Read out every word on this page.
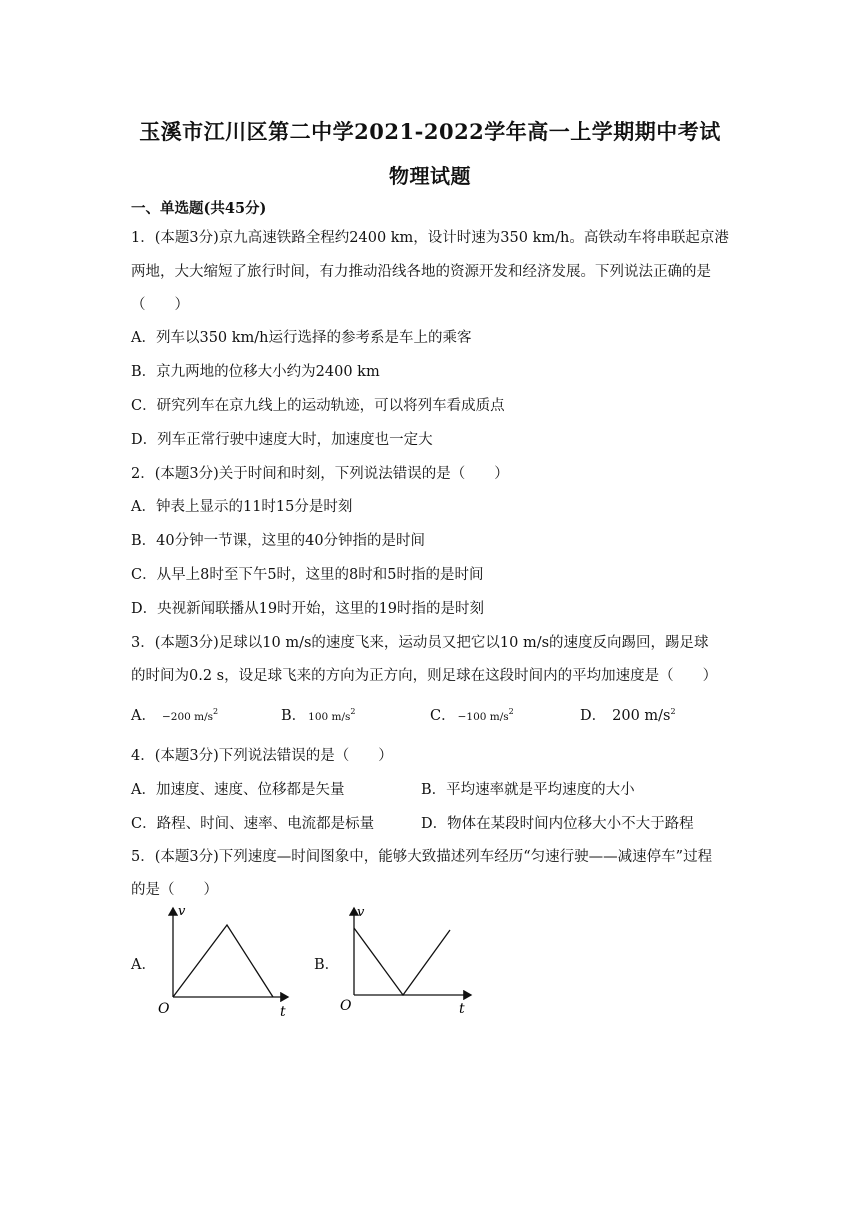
玉溪市江川区第二中学2021-2022学年高一上学期期中考试
物理试题
一、单选题(共45分)
1．(本题3分)京九高速铁路全程约2400 km，设计时速为350 km/h。高铁动车将串联起京港
两地，大大缩短了旅行时间，有力推动沿线各地的资源开发和经济发展。下列说法正确的是
（　　）
A．列车以350 km/h运行选择的参考系是车上的乘客
B．京九两地的位移大小约为2400 km
C．研究列车在京九线上的运动轨迹，可以将列车看成质点
D．列车正常行驶中速度大时，加速度也一定大
2．(本题3分)关于时间和时刻，下列说法错误的是（　　）
A．钟表上显示的11时15分是时刻
B．40分钟一节课，这里的40分钟指的是时间
C．从早上8时至下午5时，这里的8时和5时指的是时间
D．央视新闻联播从19时开始，这里的19时指的是时刻
3．(本题3分)足球以10 m/s的速度飞来，运动员又把它以10 m/s的速度反向踢回，踢足球
的时间为0.2 s，设足球飞来的方向为正方向，则足球在这段时间内的平均加速度是（　　）
A． −200 $m/s^2$	B． 100 $m/s^2$	C． −100 $m/s^2$	D． 200 $m/s^2$
4．(本题3分)下列说法错误的是（　　）
A．加速度、速度、位移都是矢量	B．平均速率就是平均速度的大小
C．路程、时间、速率、电流都是标量	D．物体在某段时间内位移大小不大于路程
5．(本题3分)下列速度—时间图象中，能够大致描述列车经历“匀速行驶——减速停车”过程
的是（　　）
A．	B．
v
t
O
v
t
O
